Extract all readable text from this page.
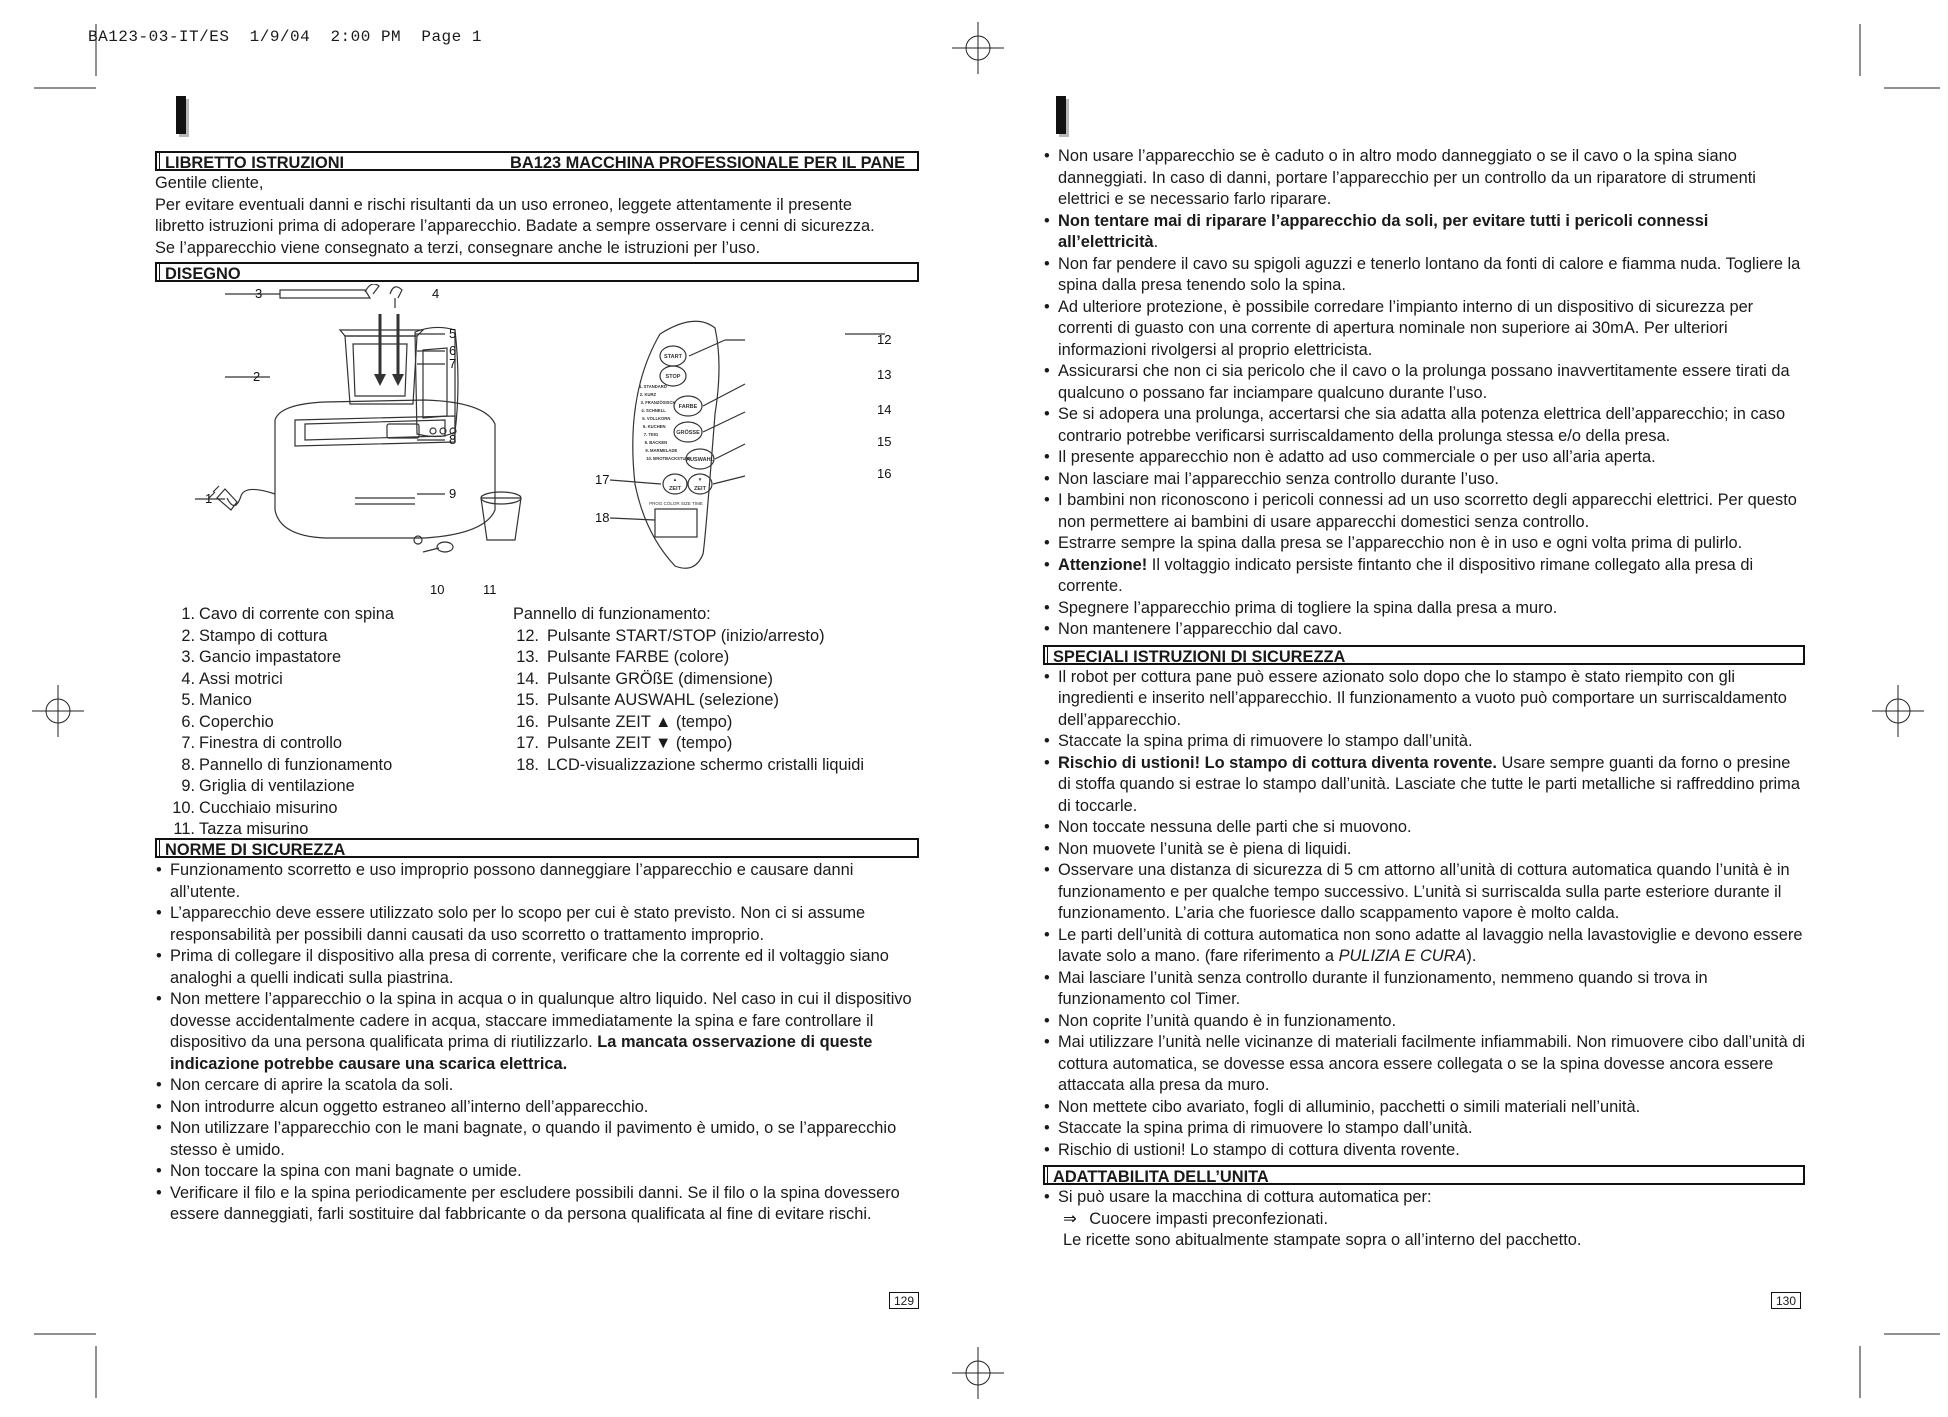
BA123-03-IT/ES  1/9/04  2:00 PM  Page 1
LIBRETTO ISTRUZIONI	BA123 MACCHINA PROFESSIONALE PER IL PANE

Gentile cliente,

Per evitare eventuali danni e rischi risultanti da un uso erroneo, leggete attentamente il presente

libretto istruzioni prima di adoperare l’apparecchio. Badate a sempre osservare i cenni di sicurezza.

Se l’apparecchio viene consegnato a terzi, consegnare anche le istruzioni per l’uso.

DISEGNO
START
STOP
FARBE
GRÖSSE
AUSWAHL
ZEIT ZEIT
▲	▼
PROG COLOR SIZE TIME
1. STANDARD
2. KURZ
3. FRANZÖSISCH
4. SCHNELL
5. VOLLKORN
6. KUCHEN
7. TEIG
8. BACKEN
9. MARMELADE
10. BROTBACKSTUBE
1
2
3	4
5
6
7
8
9
10	11
12
13
14
15
16
17
18
1. Cavo di corrente con spina
2. Stampo di cottura
3. Gancio impastatore
4. Assi motrici
5. Manico
6. Coperchio
7. Finestra di controllo
8. Pannello di funzionamento
9. Griglia di ventilazione
10. Cucchiaio misurino
11. Tazza misurino
Pannello di funzionamento:
12. Pulsante START/STOP (inizio/arresto)
13. Pulsante FARBE (colore)
14. Pulsante GRÖßE (dimensione)
15. Pulsante AUSWAHL (selezione)
16. Pulsante ZEIT ▲ (tempo)
17. Pulsante ZEIT ▼ (tempo)
18. LCD-visualizzazione schermo cristalli liquidi
NORME DI SICUREZZA
• Funzionamento scorretto e uso improprio possono danneggiare l’apparecchio e causare danni all’utente.
• L’apparecchio deve essere utilizzato solo per lo scopo per cui è stato previsto. Non ci si assume responsabilità per possibili danni causati da uso scorretto o trattamento improprio.
• Prima di collegare il dispositivo alla presa di corrente, verificare che la corrente ed il voltaggio siano analoghi a quelli indicati sulla piastrina.
• Non mettere l’apparecchio o la spina in acqua o in qualunque altro liquido. Nel caso in cui il dispositivo dovesse accidentalmente cadere in acqua, staccare immediatamente la spina e fare controllare il dispositivo da una persona qualificata prima di riutilizzarlo. La mancata osservazione di queste indicazione potrebbe causare una scarica elettrica.
• Non cercare di aprire la scatola da soli.
• Non introdurre alcun oggetto estraneo all’interno dell’apparecchio.
• Non utilizzare l’apparecchio con le mani bagnate, o quando il pavimento è umido, o se l’apparecchio stesso è umido.
• Non toccare la spina con mani bagnate o umide.
• Verificare il filo e la spina periodicamente per escludere possibili danni. Se il filo o la spina dovessero essere danneggiati, farli sostituire dal fabbricante o da persona qualificata al fine di evitare rischi.
129
• Non usare l’apparecchio se è caduto o in altro modo danneggiato o se il cavo o la spina siano danneggiati. In caso di danni, portare l’apparecchio per un controllo da un riparatore di strumenti elettrici e se necessario farlo riparare.
• Non tentare mai di riparare l’apparecchio da soli, per evitare tutti i pericoli connessi all’elettricità.
• Non far pendere il cavo su spigoli aguzzi e tenerlo lontano da fonti di calore e fiamma nuda. Togliere la spina dalla presa tenendo solo la spina.
• Ad ulteriore protezione, è possibile corredare l’impianto interno di un dispositivo di sicurezza per correnti di guasto con una corrente di apertura nominale non superiore ai 30mA. Per ulteriori informazioni rivolgersi al proprio elettricista.
• Assicurarsi che non ci sia pericolo che il cavo o la prolunga possano inavvertitamente essere tirati da qualcuno o possano far inciampare qualcuno durante l’uso.
• Se si adopera una prolunga, accertarsi che sia adatta alla potenza elettrica dell’apparecchio; in caso contrario potrebbe verificarsi surriscaldamento della prolunga stessa e/o della presa.
• Il presente apparecchio non è adatto ad uso commerciale o per uso all’aria aperta.
• Non lasciare mai l’apparecchio senza controllo durante l’uso.
• I bambini non riconoscono i pericoli connessi ad un uso scorretto degli apparecchi elettrici. Per questo non permettere ai bambini di usare apparecchi domestici senza controllo.
• Estrarre sempre la spina dalla presa se l’apparecchio non è in uso e ogni volta prima di pulirlo.
• Attenzione! Il voltaggio indicato persiste fintanto che il dispositivo rimane collegato alla presa di corrente.
• Spegnere l’apparecchio prima di togliere la spina dalla presa a muro.
• Non mantenere l’apparecchio dal cavo.
SPECIALI ISTRUZIONI DI SICUREZZA
• Il robot per cottura pane può essere azionato solo dopo che lo stampo è stato riempito con gli ingredienti e inserito nell’apparecchio. Il funzionamento a vuoto può comportare un surriscaldamento dell’apparecchio.
• Staccate la spina prima di rimuovere lo stampo dall’unità.
• Rischio di ustioni! Lo stampo di cottura diventa rovente. Usare sempre guanti da forno o presine di stoffa quando si estrae lo stampo dall’unità. Lasciate che tutte le parti metalliche si raffreddino prima di toccarle.
• Non toccate nessuna delle parti che si muovono.
• Non muovete l’unità se è piena di liquidi.
• Osservare una distanza di sicurezza di 5 cm attorno all’unità di cottura automatica quando l’unità è in funzionamento e per qualche tempo successivo. L’unità si surriscalda sulla parte esteriore durante il funzionamento. L’aria che fuoriesce dallo scappamento vapore è molto calda.
• Le parti dell’unità di cottura automatica non sono adatte al lavaggio nella lavastoviglie e devono essere lavate solo a mano. (fare riferimento a PULIZIA E CURA).
• Mai lasciare l’unità senza controllo durante il funzionamento, nemmeno quando si trova in funzionamento col Timer.
• Non coprite l’unità quando è in funzionamento.
• Mai utilizzare l’unità nelle vicinanze di materiali facilmente infiammabili. Non rimuovere cibo dall’unità di cottura automatica, se dovesse essa ancora essere collegata o se la spina dovesse ancora essere attaccata alla presa da muro.
• Non mettete cibo avariato, fogli di alluminio, pacchetti o simili materiali nell’unità.
• Staccate la spina prima di rimuovere lo stampo dall’unità.
• Rischio di ustioni! Lo stampo di cottura diventa rovente.
ADATTABILITA DELL’UNITA
• Si può usare la macchina di cottura automatica per:
⇒ Cuocere impasti preconfezionati.
Le ricette sono abitualmente stampate sopra o all’interno del pacchetto.
130
